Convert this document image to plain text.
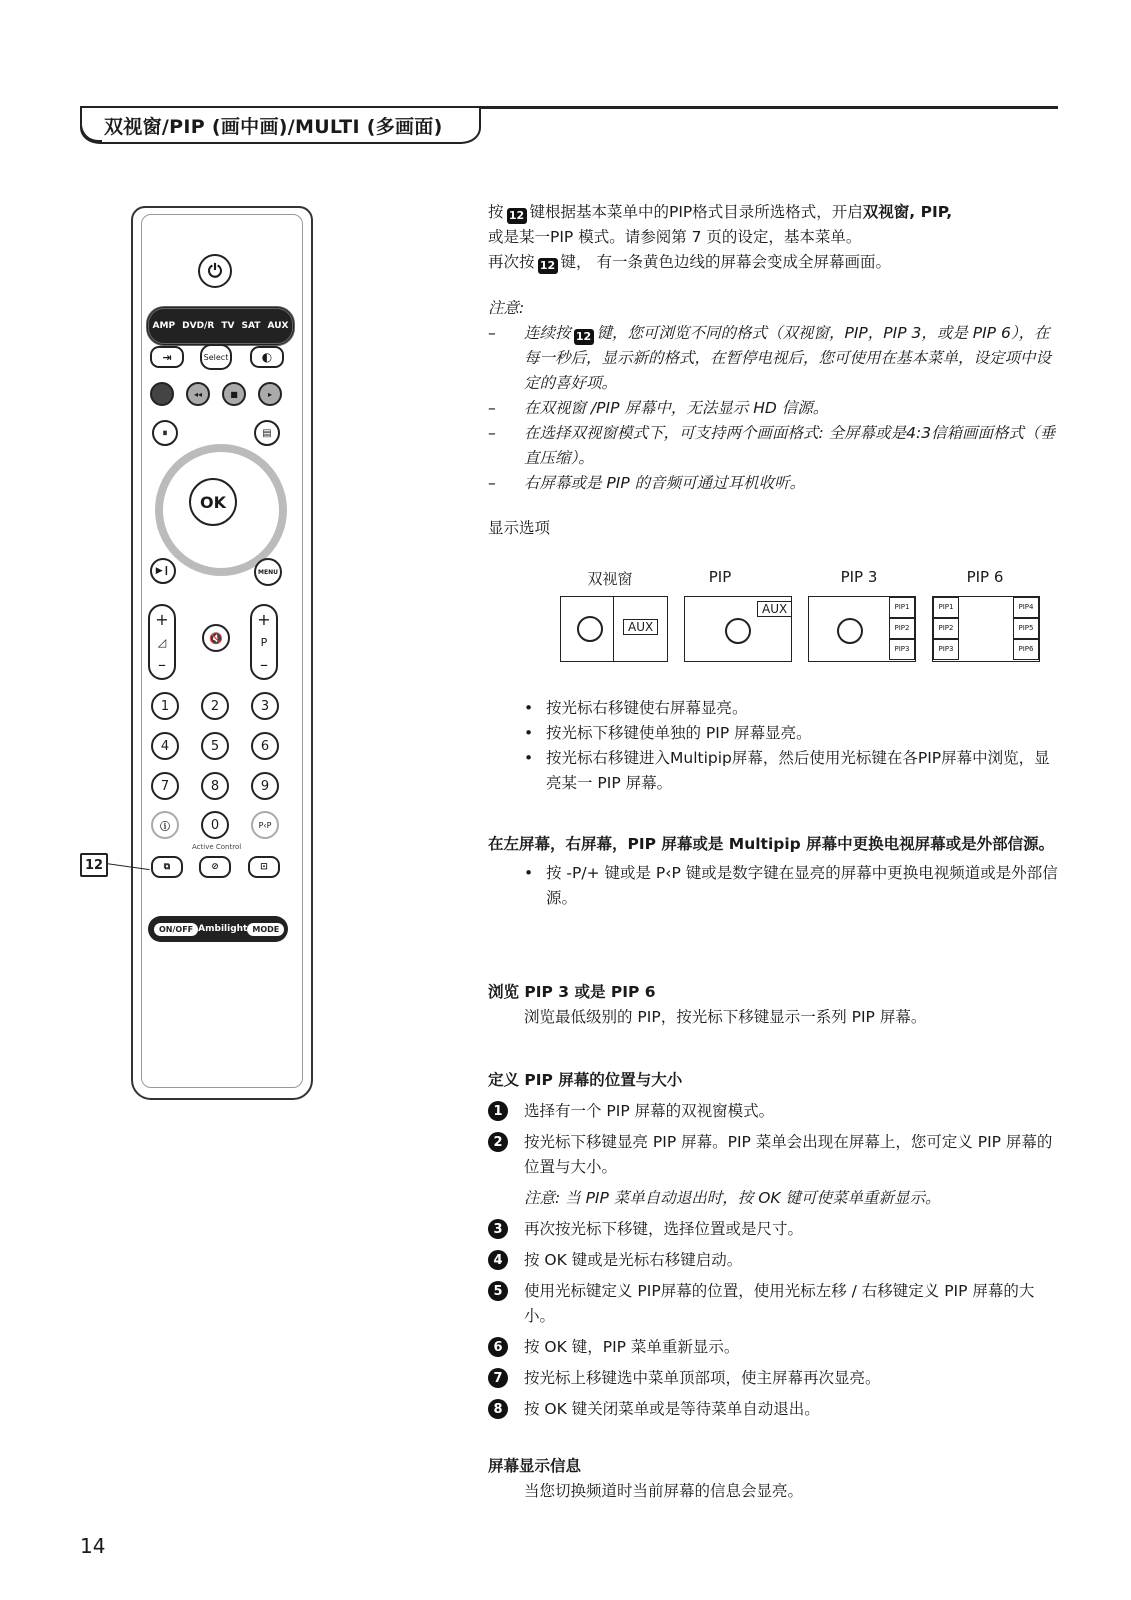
双视窗/PIP (画中画)/MULTI (多画面)
⏻
AMP DVD/R TV SAT AUX
⇥	Select	◐
◂◂	■	▸
⏸	▤
OK
▶❙	MENU
+
◿
–
🔇
+
P
–
1	2	3
4	5	6
7	8	9
ⓘ	0	P‹P
Active Control
⧉	⊘	⊡
ON/OFF Ambilight MODE
12

按 12 键根据基本菜单中的PIP格式目录所选格式，开启双视窗, PIP,

或是某一PIP 模式。请参阅第 7 页的设定，基本菜单。

再次按 12 键， 有一条黄色边线的屏幕会变成全屏幕画面。

注意:

–	连续按 12 键，您可浏览不同的格式（双视窗，PIP，PIP 3，或是 PIP 6），在每一秒后，显示新的格式，在暂停电视后，您可使用在基本菜单，设定项中设定的喜好项。
–	在双视窗 /PIP 屏幕中，无法显示 HD 信源。
–	在选择双视窗模式下，可支持两个画面格式: 全屏幕或是4:3信箱画面格式（垂直压缩）。
–	右屏幕或是 PIP 的音频可通过耳机收听。
显示选项
双视窗	PIP	PIP 3	PIP 6
AUX
AUX	PIP1
PIP2
PIP3
PIP1
PIP2
PIP3
PIP4
PIP5
PIP6
• 按光标右移键使右屏幕显亮。
• 按光标下移键使单独的 PIP 屏幕显亮。
• 按光标右移键进入Multipip屏幕，然后使用光标键在各PIP屏幕中浏览，显亮某一 PIP 屏幕。

在左屏幕，右屏幕，PIP 屏幕或是 Multipip 屏幕中更换电视屏幕或是外部信源。

• 按 -P/+ 键或是 P‹P 键或是数字键在显亮的屏幕中更换电视频道或是外部信源。

浏览 PIP 3 或是 PIP 6

浏览最低级别的 PIP，按光标下移键显示一系列 PIP 屏幕。

定义 PIP 屏幕的位置与大小

1	选择有一个 PIP 屏幕的双视窗模式。
2	按光标下移键显亮 PIP 屏幕。PIP 菜单会出现在屏幕上，您可定义 PIP 屏幕的位置与大小。

注意: 当 PIP 菜单自动退出时，按 OK 键可使菜单重新显示。

3	再次按光标下移键，选择位置或是尺寸。
4	按 OK 键或是光标右移键启动。
5	使用光标键定义 PIP屏幕的位置，使用光标左移 / 右移键定义 PIP 屏幕的大小。
6	按 OK 键，PIP 菜单重新显示。
7	按光标上移键选中菜单顶部项，使主屏幕再次显亮。
8	按 OK 键关闭菜单或是等待菜单自动退出。

屏幕显示信息

当您切换频道时当前屏幕的信息会显亮。

14
